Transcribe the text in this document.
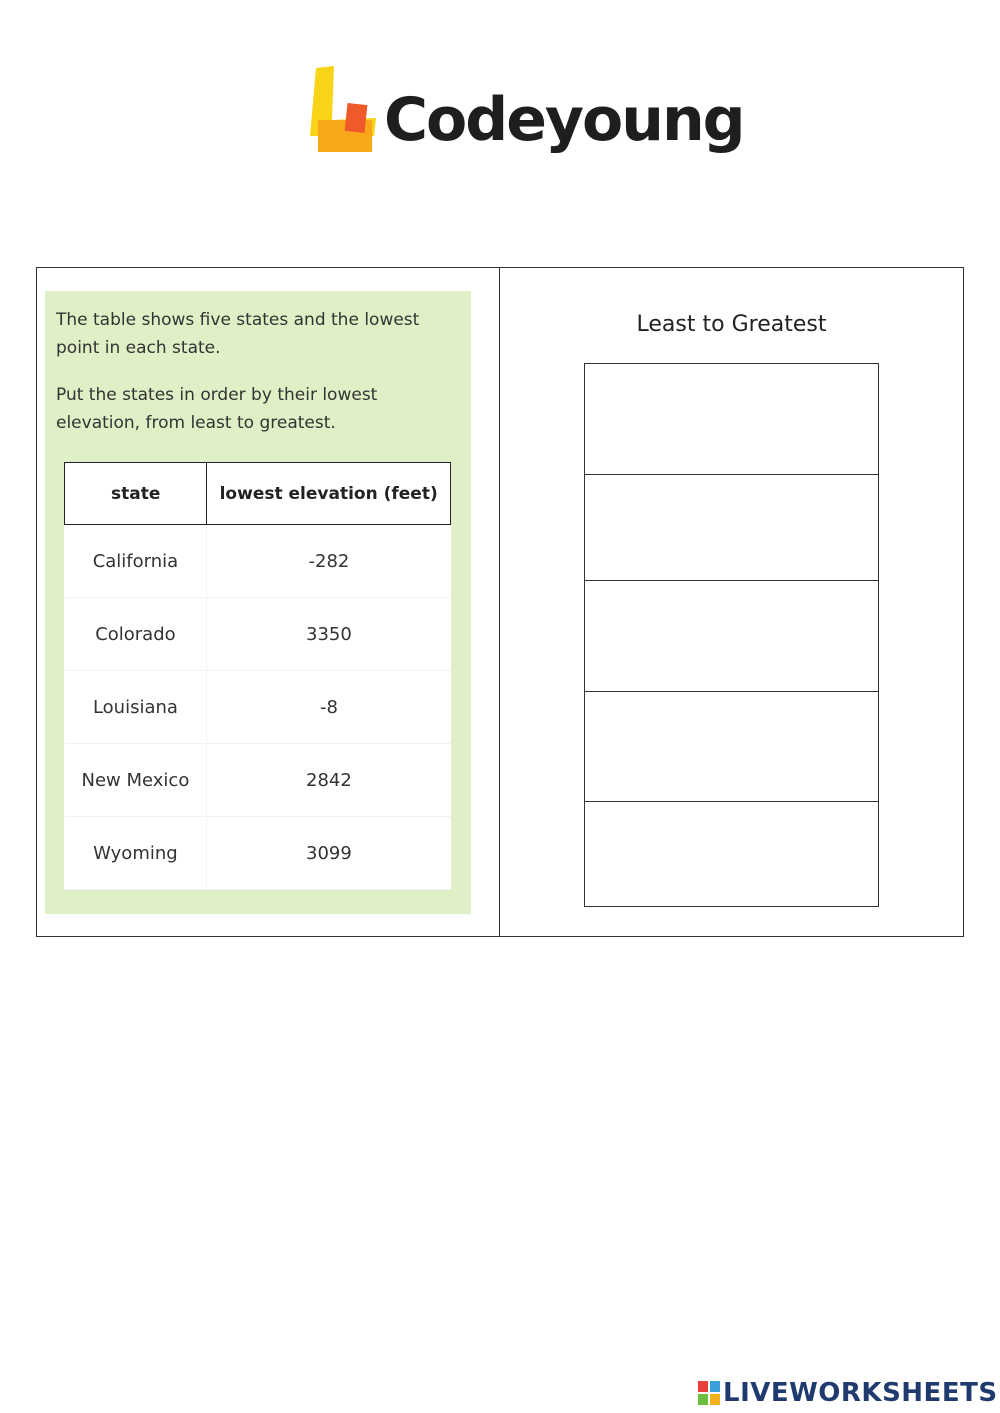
Codeyoung
The table shows five states and the lowest point in each state.
Put the states in order by their lowest elevation, from least to greatest.
state	lowest elevation (feet)
California	-282
Colorado	3350
Louisiana	-8
New Mexico	2842
Wyoming	3099
Least to Greatest
LIVEWORKSHEETS
